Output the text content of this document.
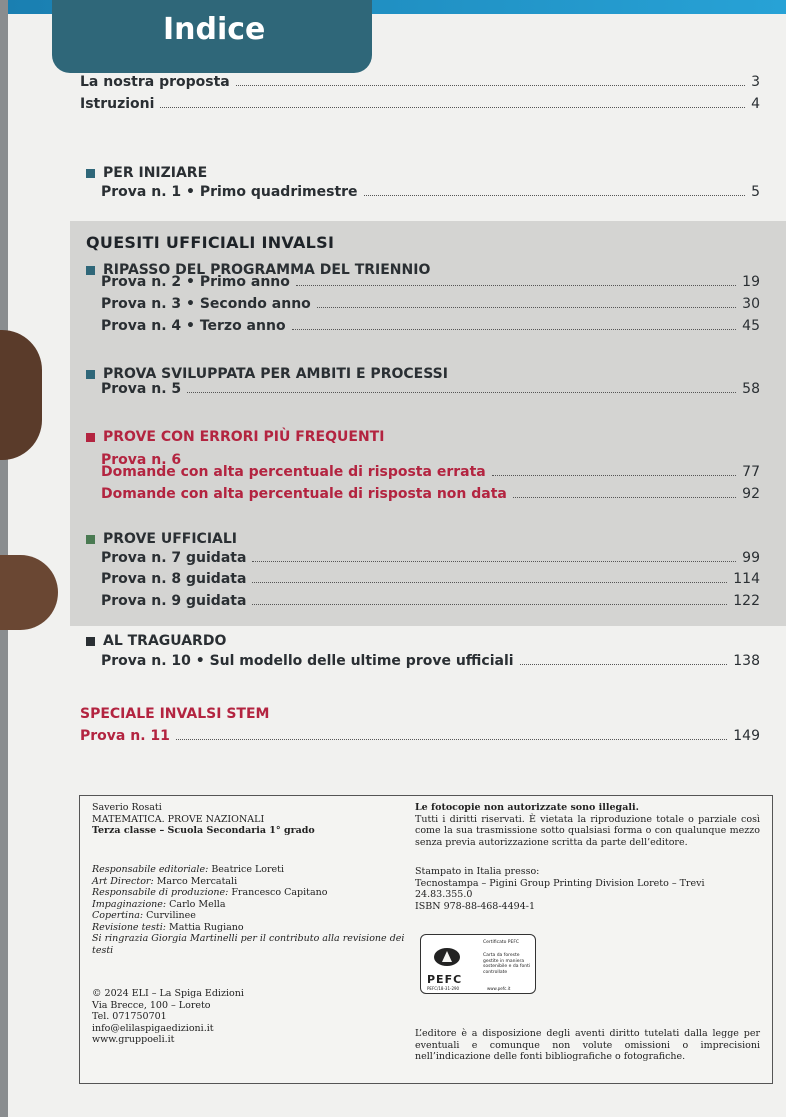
Indice
La nostra proposta	3
Istruzioni	4
PER INIZIARE
Prova n. 1 • Primo quadrimestre	5
QUESITI UFFICIALI INVALSI
RIPASSO DEL PROGRAMMA DEL TRIENNIO
Prova n. 2 • Primo anno	19
Prova n. 3 • Secondo anno	30
Prova n. 4 • Terzo anno	45
PROVA SVILUPPATA PER AMBITI E PROCESSI
Prova n. 5	58
PROVE CON ERRORI PIÙ FREQUENTI
Prova n. 6
Domande con alta percentuale di risposta errata	77
Domande con alta percentuale di risposta non data	92
PROVE UFFICIALI
Prova n. 7 guidata	99
Prova n. 8 guidata	114
Prova n. 9 guidata	122
AL TRAGUARDO
Prova n. 10 • Sul modello delle ultime prove ufficiali	138
SPECIALE INVALSI STEM
Prova n. 11	149
Saverio Rosati
MATEMATICA. PROVE NAZIONALI
Terza classe – Scuola Secondaria 1° grado
Responsabile editoriale: Beatrice Loreti
Art Director: Marco Mercatali
Responsabile di produzione: Francesco Capitano
Impaginazione: Carlo Mella
Copertina: Curvilinee
Revisione testi: Mattia Rugiano
Si ringrazia Giorgia Martinelli per il contributo alla revisione dei testi
© 2024 ELI – La Spiga Edizioni
Via Brecce, 100 – Loreto
Tel. 071750701
info@elilaspigaedizioni.it
www.gruppoeli.it
Le fotocopie non autorizzate sono illegali.
Tutti i diritti riservati. È vietata la riproduzione totale o parziale così come la sua trasmissione sotto qualsiasi forma o con qualunque mezzo senza previa autorizzazione scritta da parte dell’editore.
Stampato in Italia presso:
Tecnostampa – Pigini Group Printing Division Loreto – Trevi
24.83.355.0
ISBN 978-88-468-4494-1
PEFC
Certificato PEFC
Carta da foreste gestite in maniera sostenibile e da fonti controllate
PEFC/18-31-290	www.pefc.it
L’editore è a disposizione degli aventi diritto tutelati dalla legge per eventuali e comunque non volute omissioni o imprecisioni nell’indicazione delle fonti bibliografiche o fotografiche.
